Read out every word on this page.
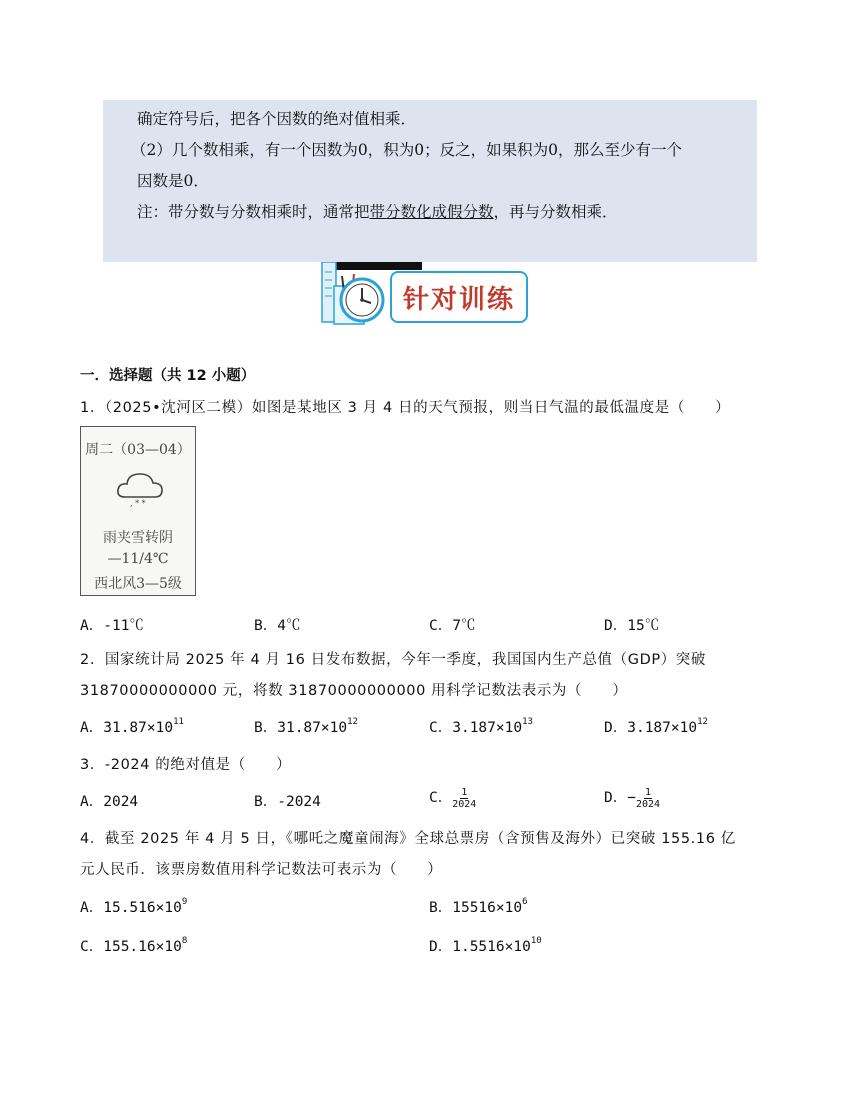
确定符号后，把各个因数的绝对值相乘．

（2）几个数相乘，有一个因数为0，积为0；反之，如果积为0，那么至少有一个

因数是0．

注：带分数与分数相乘时，通常把带分数化成假分数，再与分数相乘．

针对训练
一．选择题（共 12 小题）
1．（2025•沈河区二模）如图是某地区 3 月 4 日的天气预报，则当日气温的最低温度是（　　）
周二（03—04）
‚ * *
雨夹雪转阴
—11/4℃
西北风3—5级
A．-11℃	B．4℃	C．7℃	D．15℃
2．国家统计局 2025 年 4 月 16 日发布数据，今年一季度，我国国内生产总值（GDP）突破
31870000000000 元，将数 31870000000000 用科学记数法表示为（　　）
A．$31.87\times 10^{11}$	B．$31.87\times 10^{12}$	C．$3.187\times 10^{13}$	D．$3.187\times 10^{12}$
3．-2024 的绝对值是（　　）
A．2024	B．-2024	C． $\frac{1}{2024}$	D．− $\frac{1}{2024}$
4．截至 2025 年 4 月 5 日，《哪吒之魔童闹海》全球总票房（含预售及海外）已突破 155.16 亿
元人民币．该票房数值用科学记数法可表示为（　　）
A．$15.516\times 10^9$	B．$15516\times 10^6$
C．$155.16\times 10^8$	D．$1.5516\times 10^{10}$
